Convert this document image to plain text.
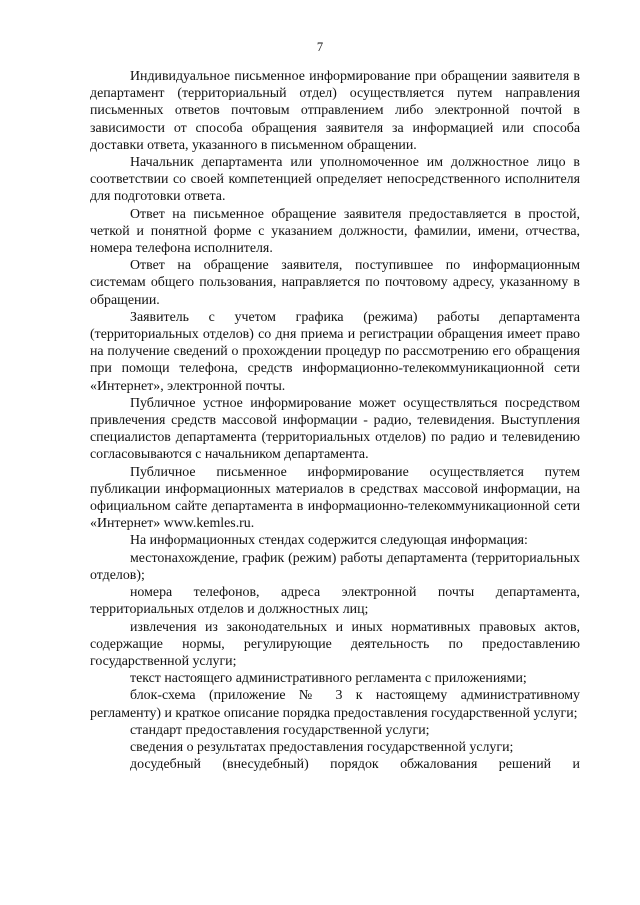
7

Индивидуальное письменное информирование при обращении заявителя в департамент (территориальный отдел) осуществляется путем направления письменных ответов почтовым отправлением либо электронной почтой в зависимости от способа обращения заявителя за информацией или способа доставки ответа, указанного в письменном обращении.

Начальник департамента или уполномоченное им должностное лицо в соответствии со своей компетенцией определяет непосредственного исполнителя для подготовки ответа.

Ответ на письменное обращение заявителя предоставляется в простой, четкой и понятной форме с указанием должности, фамилии, имени, отчества, номера телефона исполнителя.

Ответ на обращение заявителя, поступившее по информационным системам общего пользования, направляется по почтовому адресу, указанному в обращении.

Заявитель с учетом графика (режима) работы департамента (территориальных отделов) со дня приема и регистрации обращения имеет право на получение сведений о прохождении процедур по рассмотрению его обращения при помощи телефона, средств информационно-телекоммуникационной сети «Интернет», электронной почты.

Публичное устное информирование может осуществляться посредством привлечения средств массовой информации - радио, телевидения. Выступления специалистов департамента (территориальных отделов) по радио и телевидению согласовываются с начальником департамента.

Публичное письменное информирование осуществляется путем публикации информационных материалов в средствах массовой информации, на официальном сайте департамента в информационно-телекоммуникационной сети «Интернет» www.kemles.ru.

На информационных стендах содержится следующая информация:

местонахождение, график (режим) работы департамента (территориальных отделов);

номера телефонов, адреса электронной почты департамента, территориальных отделов и должностных лиц;

извлечения из законодательных и иных нормативных правовых актов, содержащие нормы, регулирующие деятельность по предоставлению государственной услуги;

текст настоящего административного регламента с приложениями;

блок-схема (приложение № 3 к настоящему административному регламенту) и краткое описание порядка предоставления государственной услуги;

стандарт предоставления государственной услуги;

сведения о результатах предоставления государственной услуги;

досудебный (внесудебный) порядок обжалования решений и
